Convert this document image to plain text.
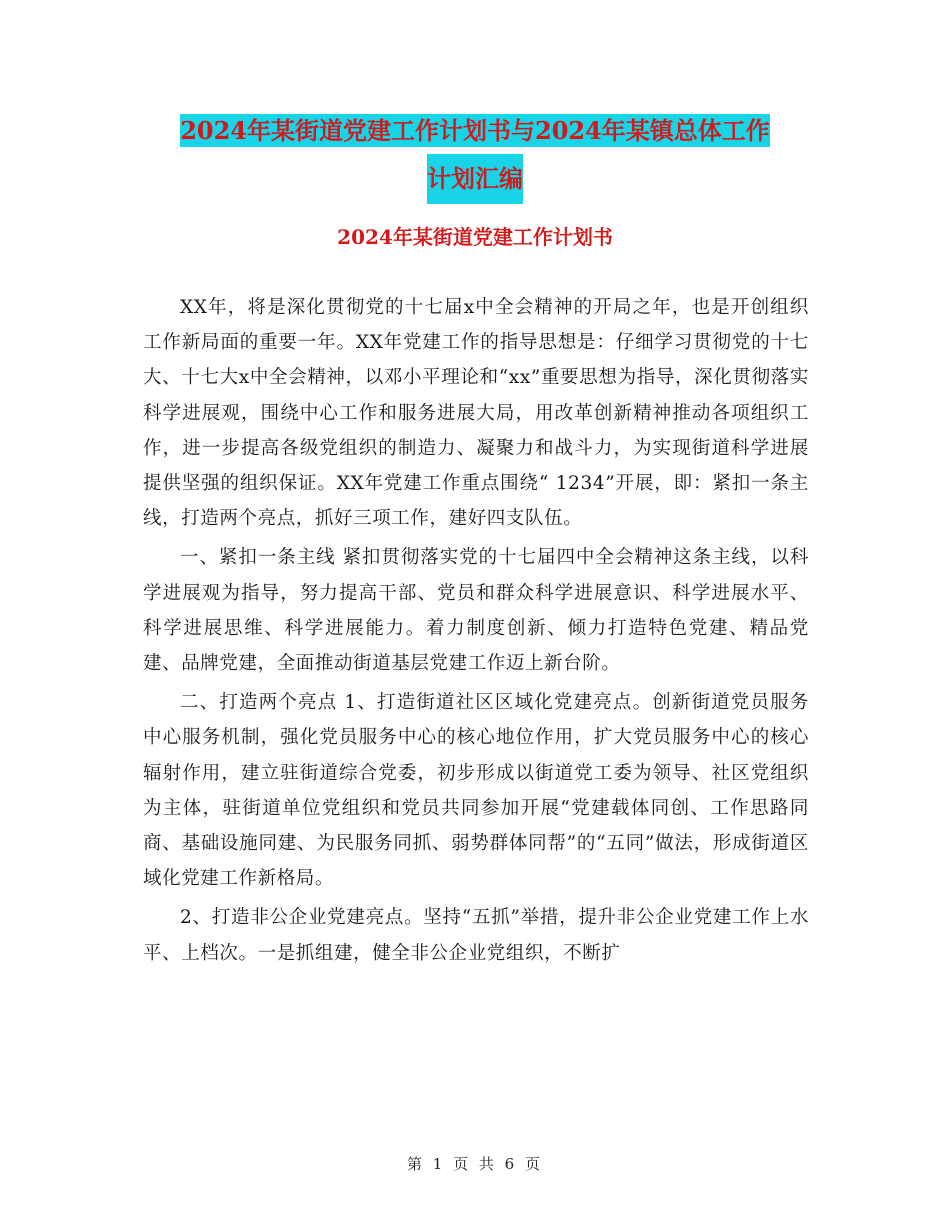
2024年某街道党建工作计划书与2024年某镇总体工作
计划汇编
2024年某街道党建工作计划书

XX年，将是深化贯彻党的十七届x中全会精神的开局之年，也是开创组织工作新局面的重要一年。XX年党建工作的指导思想是：仔细学习贯彻党的十七大、十七大x中全会精神，以邓小平理论和“xx”重要思想为指导，深化贯彻落实科学进展观，围绕中心工作和服务进展大局，用改革创新精神推动各项组织工作，进一步提高各级党组织的制造力、凝聚力和战斗力，为实现街道科学进展提供坚强的组织保证。XX年党建工作重点围绕“ 1234”开展，即：紧扣一条主线，打造两个亮点，抓好三项工作，建好四支队伍。

一、紧扣一条主线 紧扣贯彻落实党的十七届四中全会精神这条主线，以科学进展观为指导，努力提高干部、党员和群众科学进展意识、科学进展水平、科学进展思维、科学进展能力。着力制度创新、倾力打造特色党建、精品党建、品牌党建，全面推动街道基层党建工作迈上新台阶。

二、打造两个亮点 1、打造街道社区区域化党建亮点。创新街道党员服务中心服务机制，强化党员服务中心的核心地位作用，扩大党员服务中心的核心辐射作用，建立驻街道综合党委，初步形成以街道党工委为领导、社区党组织为主体，驻街道单位党组织和党员共同参加开展“党建载体同创、工作思路同商、基础设施同建、为民服务同抓、弱势群体同帮”的“五同”做法，形成街道区域化党建工作新格局。

2、打造非公企业党建亮点。坚持“五抓”举措，提升非公企业党建工作上水平、上档次。一是抓组建，健全非公企业党组织，不断扩

第 1 页 共 6 页
